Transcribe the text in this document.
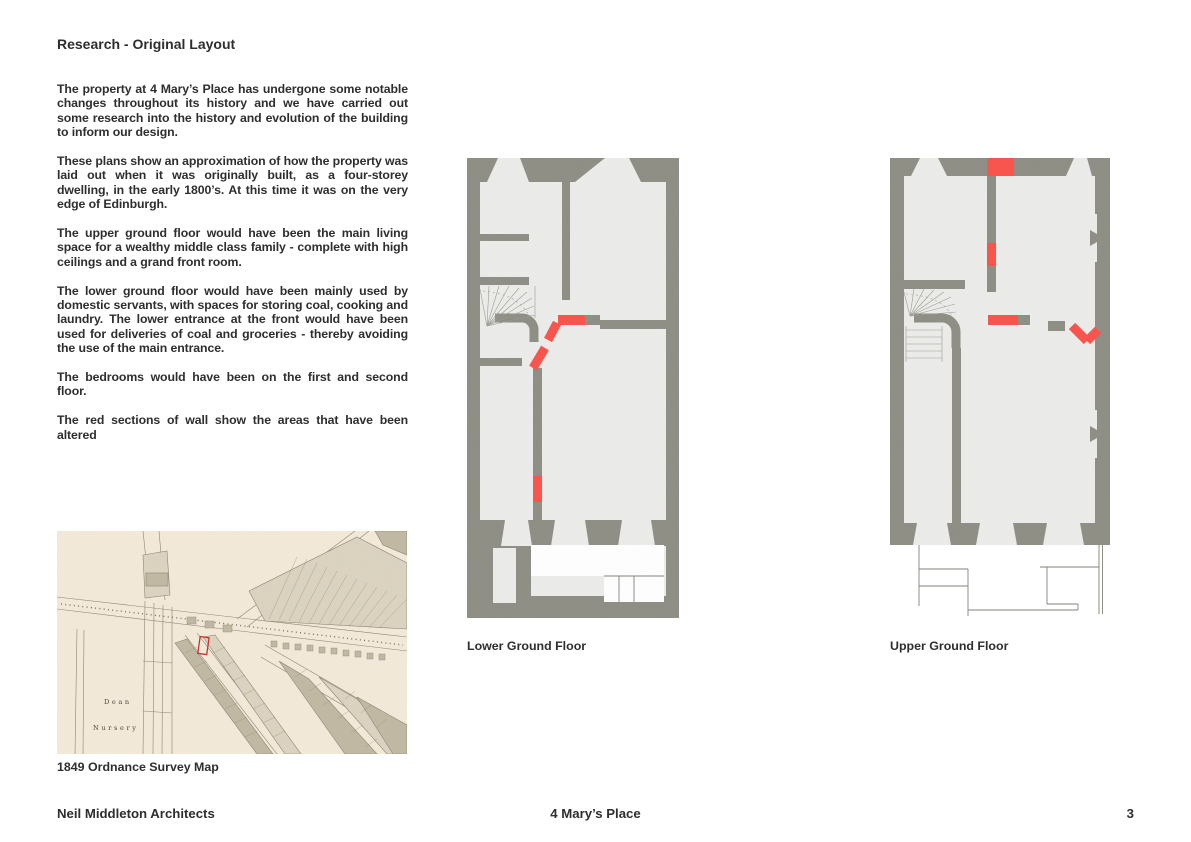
Research - Original Layout

The property at 4 Mary’s Place has undergone some notable changes throughout its history and we have carried out some research into the history and evolution of the building to inform our design.

These plans show an approximation of how the property was laid out when it was originally built, as a four-storey dwelling, in the early 1800’s. At this time it was on the very edge of Edinburgh.

The upper ground floor would have been the main living space for a wealthy middle class family - complete with high ceilings and a grand front room.

The lower ground floor would have been mainly used by domestic servants, with spaces for storing coal, cooking and laundry. The lower entrance at the front would have been used for deliveries of coal and groceries - thereby avoiding the use of the main entrance.

The bedrooms would have been on the first and second floor.

The red sections of wall show the areas that have been altered

1849 Ordnance Survey Map

Lower Ground Floor	Upper Ground Floor

Neil Middleton Architects	4 Mary’s Place	3
